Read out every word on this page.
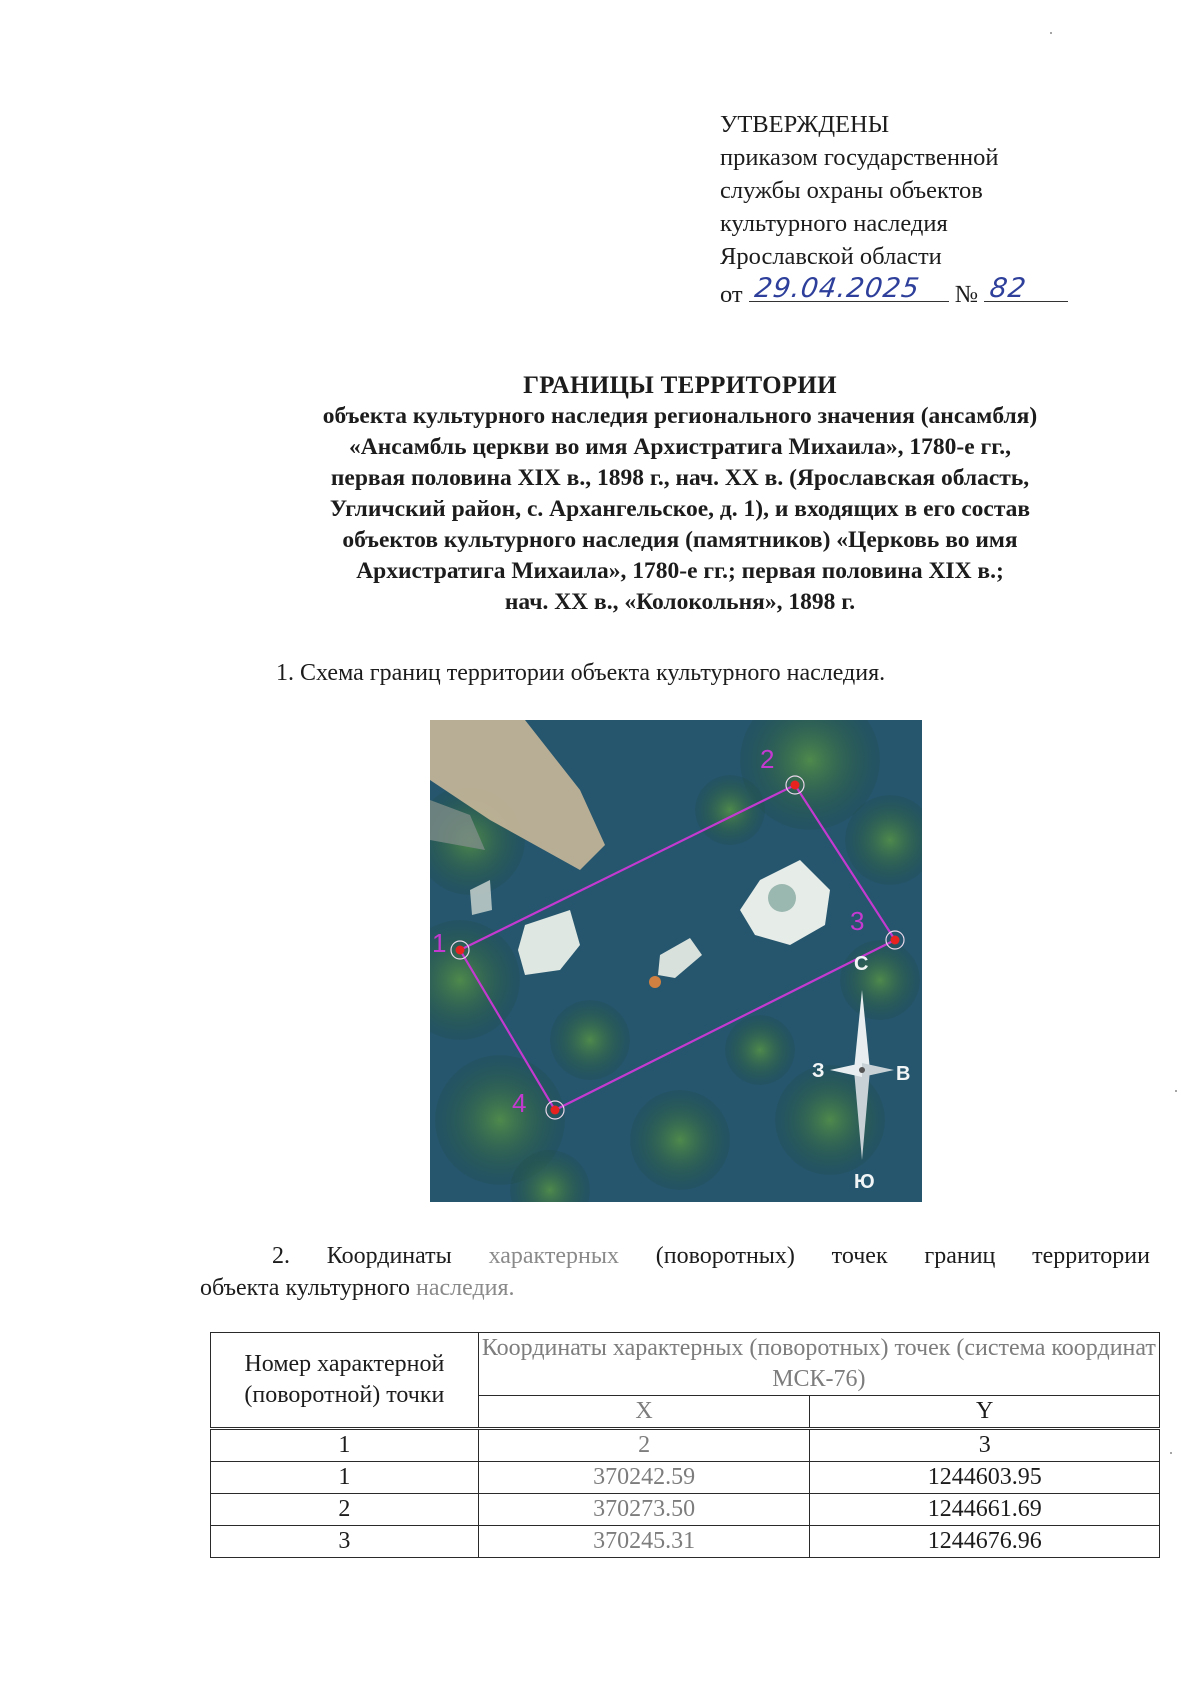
УТВЕРЖДЕНЫ
приказом государственной
службы охраны объектов
культурного наследия
Ярославской области
от 29.04.2025 № 82
ГРАНИЦЫ ТЕРРИТОРИИ
объекта культурного наследия регионального значения (ансамбля)
«Ансамбль церкви во имя Архистратига Михаила», 1780-е гг.,
первая половина XIX в., 1898 г., нач. XX в. (Ярославская область,
Угличский район, с. Архангельское, д. 1), и входящих в его состав
объектов культурного наследия (памятников) «Церковь во имя
Архистратига Михаила», 1780-е гг.; первая половина XIX в.;
нач. XX в., «Колокольня», 1898 г.
1. Схема границ территории объекта культурного наследия.
1
2
3
4
С
Ю
З	В
2. Координаты характерных (поворотных) точек границ территории
объекта культурного наследия.
Номер характерной (поворотной) точки	Координаты характерных (поворотных) точек (система координат МСК-76)	
	X	Y
1	2	3
1	370242.59	1244603.95
2	370273.50	1244661.69
3	370245.31	1244676.96
